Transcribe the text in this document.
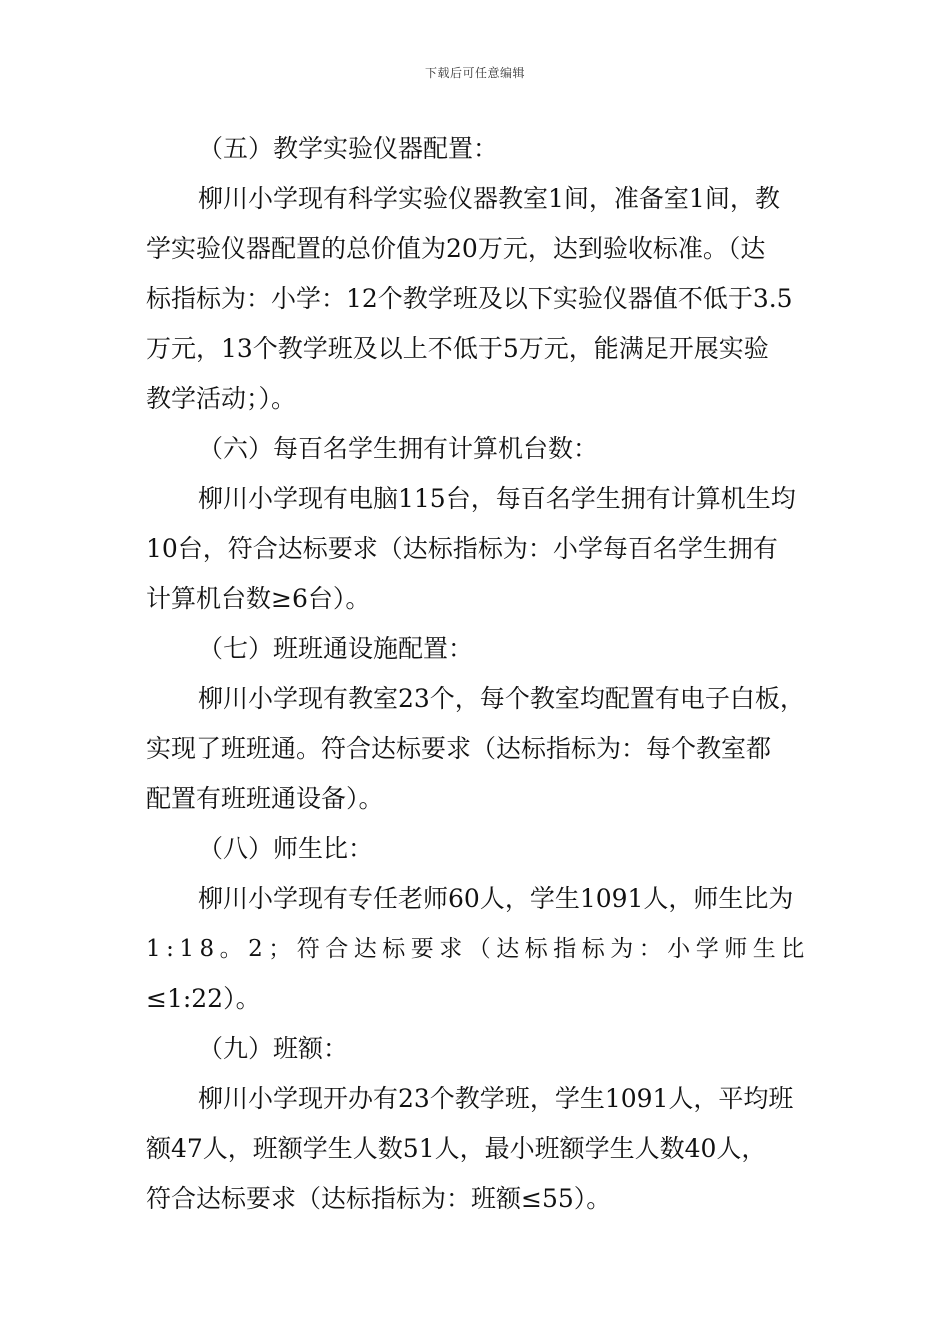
下载后可任意编辑
（五）教学实验仪器配置：
柳川小学现有科学实验仪器教室1间，准备室1间，教
学实验仪器配置的总价值为20万元，达到验收标准。（达
标指标为：小学：12个教学班及以下实验仪器值不低于3.5
万元，13个教学班及以上不低于5万元，能满足开展实验
教学活动；）。
（六）每百名学生拥有计算机台数：
柳川小学现有电脑115台，每百名学生拥有计算机生均
10台，符合达标要求（达标指标为：小学每百名学生拥有
计算机台数≥6台）。
（七）班班通设施配置：
柳川小学现有教室23个，每个教室均配置有电子白板，
实现了班班通。符合达标要求（达标指标为：每个教室都
配置有班班通设备）。
（八）师生比：
柳川小学现有专任老师60人，学生1091人，师生比为
1:18。2；符合达标要求（达标指标为：小学师生比
≤1:22）。
（九）班额：
柳川小学现开办有23个教学班，学生1091人，平均班
额47人，班额学生人数51人，最小班额学生人数40人，
符合达标要求（达标指标为：班额≤55）。
